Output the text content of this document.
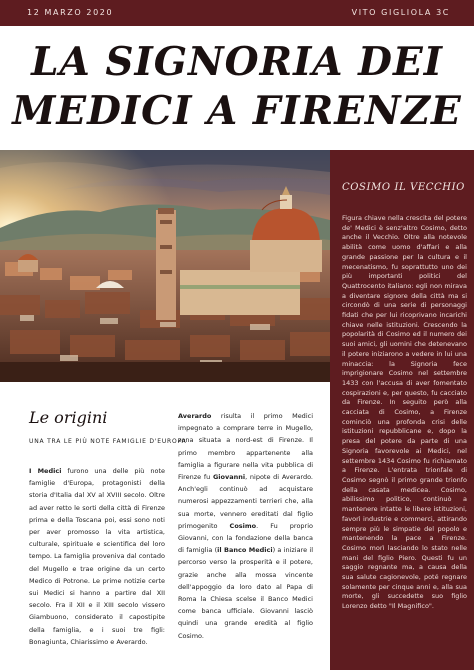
12 MARZO 2020	VITO GIGLIOLA 3C
LA SIGNORIA DEI
MEDICI A FIRENZE
COSIMO IL VECCHIO

Figura chiave nella crescita del potere de' Medici è senz'altro Cosimo, detto anche il Vecchio. Oltre alla notevole abilità come uomo d'affari e alla grande passione per la cultura e il mecenatismo, fu soprattutto uno dei più importanti politici del Quattrocento italiano: egli non mirava a diventare signore della città ma si circondò di una serie di personaggi fidati che per lui ricoprivano incarichi chiave nelle istituzioni. Crescendo la popolarità di Cosimo ed il numero dei suoi amici, gli uomini che detenevano il potere iniziarono a vedere in lui una minaccia: la Signoria fece imprigionare Cosimo nel settembre 1433 con l'accusa di aver fomentato cospirazioni e, per questo, fu cacciato da Firenze. In seguito però alla cacciata di Cosimo, a Firenze cominciò una profonda crisi delle istituzioni repubblicane e, dopo la presa del potere da parte di una Signoria favorevole ai Medici, nel settembre 1434 Cosimo fu richiamato a Firenze. L'entrata trionfale di Cosimo segnò il primo grande trionfo della casata medicea. Cosimo, abilissimo politico, continuò a mantenere intatte le libere istituzioni, favorì industrie e commerci, attirando sempre più le simpatie del popolo e mantenendo la pace a Firenze. Cosimo morì lasciando lo stato nelle mani del figlio Piero. Questi fu un saggio regnante ma, a causa della sua salute cagionevole, poté regnare solamente per cinque anni e, alla sua morte, gli succedette suo figlio Lorenzo detto "Il Magnifico".

Le origini
UNA TRA LE PIÙ NOTE FAMIGLIE D'EUROPA

I Medici furono una delle più note famiglie d'Europa, protagonisti della storia d'Italia dal XV al XVIII secolo. Oltre ad aver retto le sorti della città di Firenze prima e della Toscana poi, essi sono noti per aver promosso la vita artistica, culturale, spirituale e scientifica del loro tempo. La famiglia proveniva dal contado del Mugello e trae origine da un certo Medico di Potrone. Le prime notizie certe sui Medici si hanno a partire dal XII secolo. Fra il XII e il XIII secolo vissero Giambuono, considerato il capostipite della famiglia, e i suoi tre figli: Bonagiunta, Chiarissimo e Averardo.

Averardo risulta il primo Medici impegnato a comprare terre in Mugello, zona situata a nord-est di Firenze. Il primo membro appartenente alla famiglia a figurare nella vita pubblica di Firenze fu Giovanni, nipote di Averardo. Anch'egli continuò ad acquistare numerosi appezzamenti terrieri che, alla sua morte, vennero ereditati dal figlio primogenito Cosimo. Fu proprio Giovanni, con la fondazione della banca di famiglia (il Banco Medici) a iniziare il percorso verso la prosperità e il potere, grazie anche alla mossa vincente dell'appoggio da loro dato al Papa di Roma la Chiesa scelse il Banco Medici come banca ufficiale. Giovanni lasciò quindi una grande eredità al figlio Cosimo.
